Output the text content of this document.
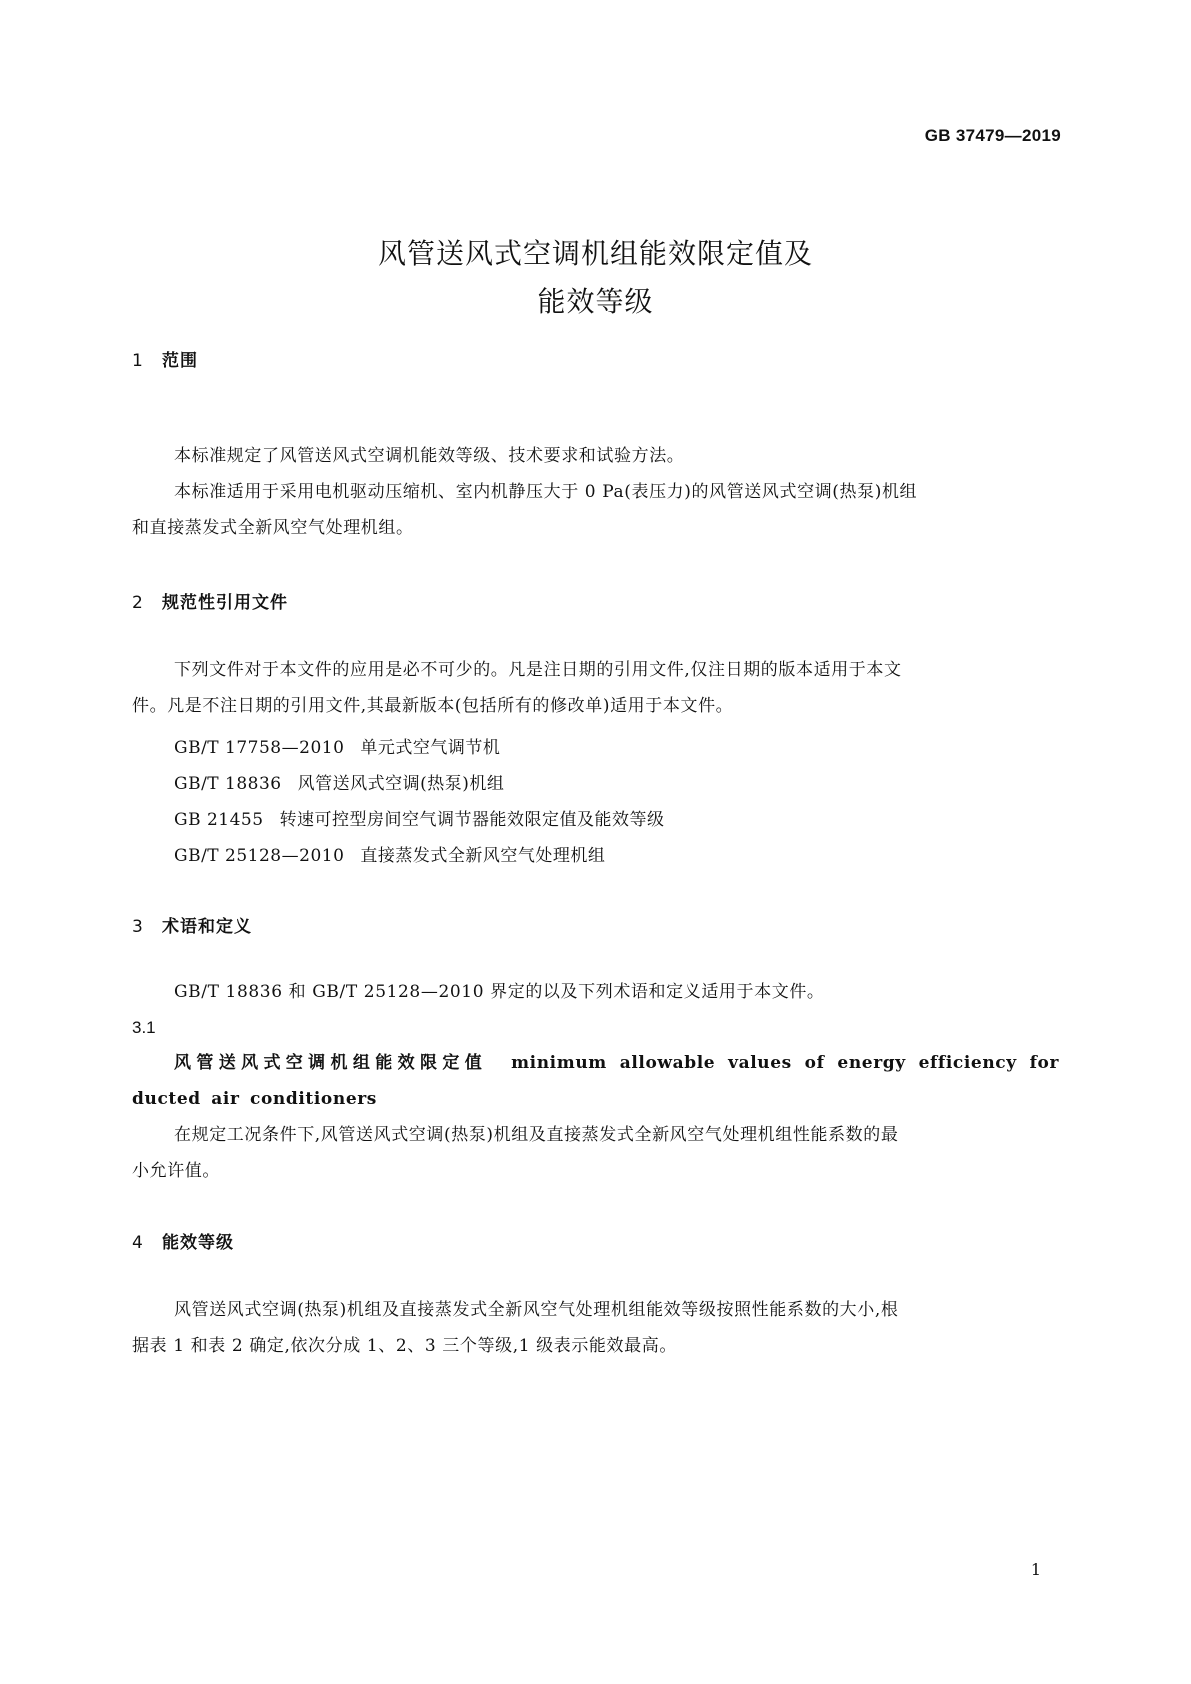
GB 37479—2019
风管送风式空调机组能效限定值及
能效等级
1 范围
本标准规定了风管送风式空调机能效等级、技术要求和试验方法。
本标准适用于采用电机驱动压缩机、室内机静压大于 0 Pa(表压力)的风管送风式空调(热泵)机组
和直接蒸发式全新风空气处理机组。
2 规范性引用文件
下列文件对于本文件的应用是必不可少的。凡是注日期的引用文件,仅注日期的版本适用于本文
件。凡是不注日期的引用文件,其最新版本(包括所有的修改单)适用于本文件。
GB/T 17758—2010 单元式空气调节机
GB/T 18836 风管送风式空调(热泵)机组
GB 21455 转速可控型房间空气调节器能效限定值及能效等级
GB/T 25128—2010 直接蒸发式全新风空气处理机组
3 术语和定义
GB/T 18836 和 GB/T 25128—2010 界定的以及下列术语和定义适用于本文件。
3.1
风管送风式空调机组能效限定值 minimum allowable values of energy efficiency for ducted air conditioners
在规定工况条件下,风管送风式空调(热泵)机组及直接蒸发式全新风空气处理机组性能系数的最
小允许值。
4 能效等级
风管送风式空调(热泵)机组及直接蒸发式全新风空气处理机组能效等级按照性能系数的大小,根
据表 1 和表 2 确定,依次分成 1、2、3 三个等级,1 级表示能效最高。
1
